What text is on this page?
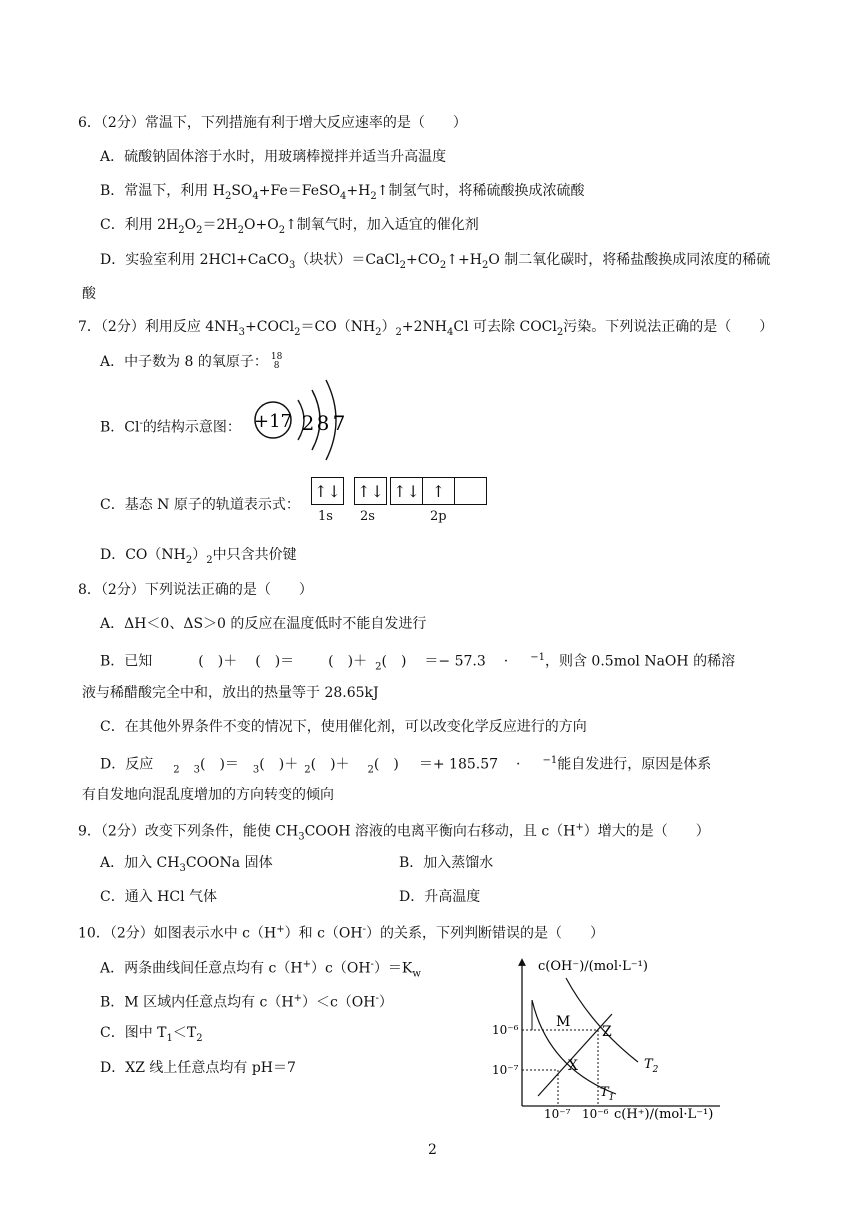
6．（2分）常温下，下列措施有利于增大反应速率的是（　　）
A．硫酸钠固体溶于水时，用玻璃棒搅拌并适当升高温度
B．常温下，利用 $H_2SO_4+Fe=FeSO_4+H_2↑$制氢气时，将稀硫酸换成浓硫酸
C．利用 $2H_2O_2=2H_2O+O_2↑$制氧气时，加入适宜的催化剂
D．实验室利用 2HCl+CaCO$_3$（块状）$=CaCl_2+CO_2↑+H_2O$ 制二氧化碳时，将稀盐酸换成同浓度的稀硫
酸
7．（2分）利用反应 $4NH_3+COCl_2=CO(NH_2)_2+2NH_4Cl$ 可去除 COCl$_2$污染。下列说法正确的是（　　）
A．中子数为 8 的氧原子： 18
8
B．Cl-的结构示意图： +17 2 8 7
C．基态 N 原子的轨道表示式：
↑↓ ↑↓ ↑↓ ↑
1s 2s	2p
D．$CO(NH_2)_2$中只含共价键
8．（2分）下列说法正确的是（　　）
A．ΔH＜0、ΔS＞0 的反应在温度低时不能自发进行
B．已知	(　)＋ (　)＝ (　)＋ $_2$(　) ＝− 57.3 · $^{-1}$，则含 0.5mol NaOH 的稀溶
液与稀醋酸完全中和，放出的热量等于 28.65kJ
C．在其他外界条件不变的情况下，使用催化剂，可以改变化学反应进行的方向
D．反应 $_2$ $_3$(　)＝ $_3$(　)＋ $_2$(　)＋ $_2$(　) ＝+ 185.57 · $^{-1}$能自发进行，原因是体系
有自发地向混乱度增加的方向转变的倾向
9．（2分）改变下列条件，能使 $CH_3COOH$ 溶液的电离平衡向右移动，且 c（H+）增大的是（　　）
A．加入 $CH_3COONa$ 固体	B．加入蒸馏水
C．通入 HCl 气体	D．升高温度
10．（2分）如图表示水中 c（H+）和 c（OH-）的关系，下列判断错误的是（　　）
A．两条曲线间任意点均有 $c(H^+)c(OH^-)=K_w$
B．M 区域内任意点均有 c（H+）＜c（OH-）
C．图中 $T_1<T_2$
D．XZ 线上任意点均有 pH＝7
c(OH⁻)/(mol·L⁻¹)
c(H⁺)/(mol·L⁻¹)
10⁻⁶
10⁻⁷
10⁻⁷ 10⁻⁶
M
Z
X	$T_2$
$T_1$
2
